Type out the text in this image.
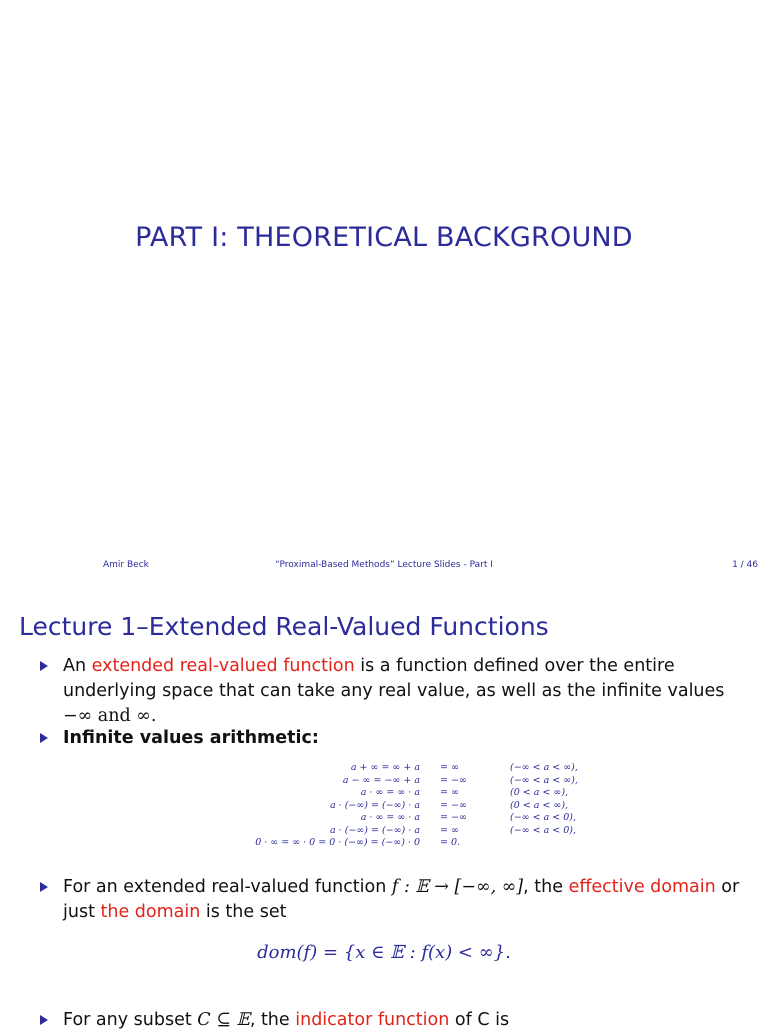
PART I: THEORETICAL BACKGROUND
Amir Beck	“Proximal-Based Methods” Lecture Slides - Part I	1 / 46
Lecture 1–Extended Real-Valued Functions
An extended real-valued function is a function defined over the entire underlying space that can take any real value, as well as the infinite values −∞ and ∞.
Infinite values arithmetic:
a + ∞ = ∞ + a = ∞	(−∞ < a < ∞),
a − ∞ = −∞ + a = −∞	(−∞ < a < ∞),
a · ∞ = ∞ · a = ∞	(0 < a < ∞),
a · (−∞) = (−∞) · a = −∞	(0 < a < ∞),
a · ∞ = ∞ · a = −∞	(−∞ < a < 0),
a · (−∞) = (−∞) · a = ∞	(−∞ < a < 0),
0 · ∞ = ∞ · 0 = 0 · (−∞) = (−∞) · 0 = 0.
For an extended real-valued function f : 𝔼 → [−∞, ∞], the effective domain or just the domain is the set
dom(f) = {x ∈ 𝔼 : f(x) < ∞}.
For any subset C ⊆ 𝔼, the indicator function of C is
